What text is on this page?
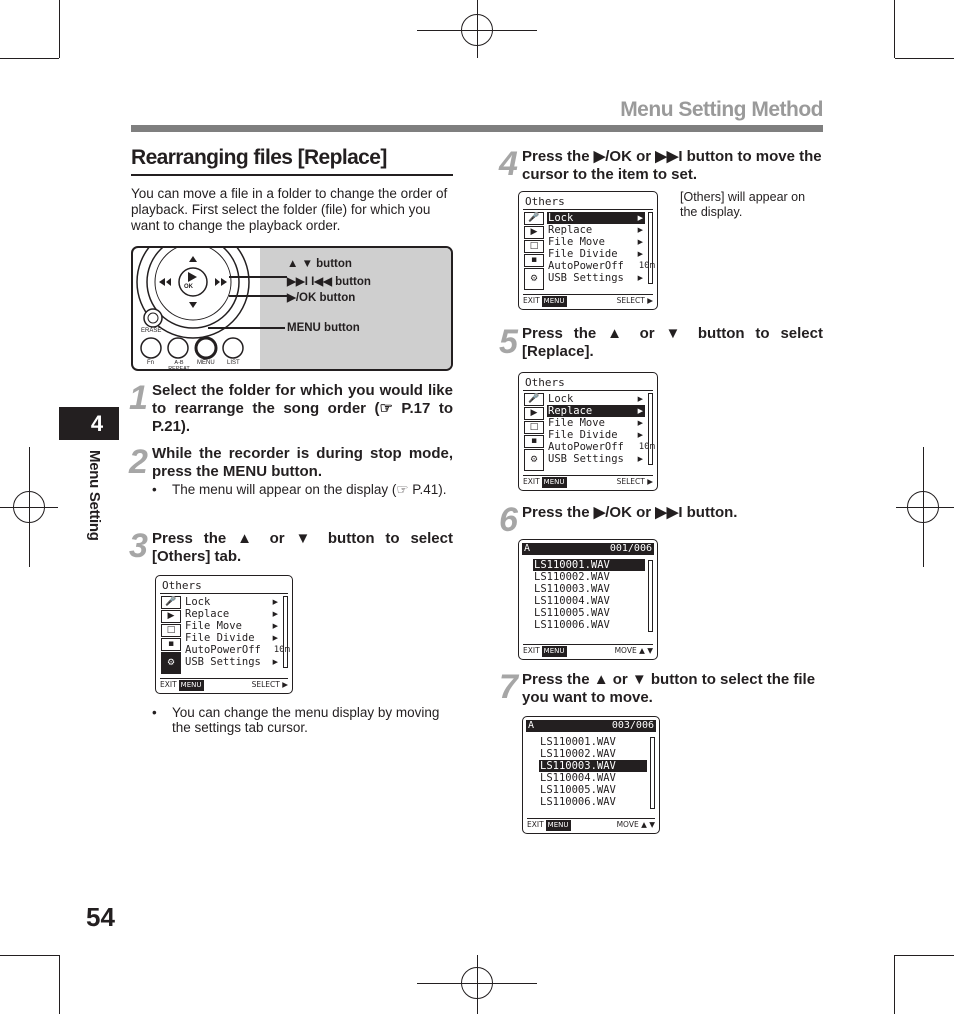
Menu Setting Method
4
Menu Setting
54
Rearranging files [Replace]
You can move a file in a folder to change the order of playback. First select the folder (file) for which you want to change the playback order.
OK
ERASE
Fn	A-B REPEAT
MENU LIST
▲ ▼ button
▶▶I I◀◀ button
▶/OK button
MENU button
1 Select the folder for which you would like to rearrange the song order (☞ P.17 to P.21).
2 While the recorder is during stop mode, press the MENU button.
• The menu will appear on the display (☞ P.41).
3 Press the ▲ or ▼ button to select [Others] tab.
Others
🎤
▶
□
▪
⚙
Lock	▶
Replace	▶
File Move	▶
File Divide	▶
AutoPowerOff 10m
USB Settings ▶
EXIT MENU	SELECT ▶
• You can change the menu display by moving the settings tab cursor.
4 Press the ▶/OK or ▶▶I button to move the cursor to the item to set.
Others
🎤
▶
□
▪
⚙
Lock	▶
Replace	▶
File Move	▶
File Divide	▶
AutoPowerOff 10m
USB Settings ▶
EXIT MENU	SELECT ▶
[Others] will appear on the display.
5 Press the ▲ or ▼ button to select [Replace].
Others
🎤
▶
□
▪
⚙
Lock	▶
Replace	▶
File Move	▶
File Divide	▶
AutoPowerOff 10m
USB Settings ▶
EXIT MENU	SELECT ▶
6 Press the ▶/OK or ▶▶I button.
A	001/006
LS110001.WAV
LS110002.WAV
LS110003.WAV
LS110004.WAV
LS110005.WAV
LS110006.WAV
EXIT MENU	MOVE ▲ ▼
7 Press the ▲ or ▼ button to select the file you want to move.
A	003/006
LS110001.WAV
LS110002.WAV
LS110003.WAV
LS110004.WAV
LS110005.WAV
LS110006.WAV
EXIT MENU	MOVE ▲ ▼
